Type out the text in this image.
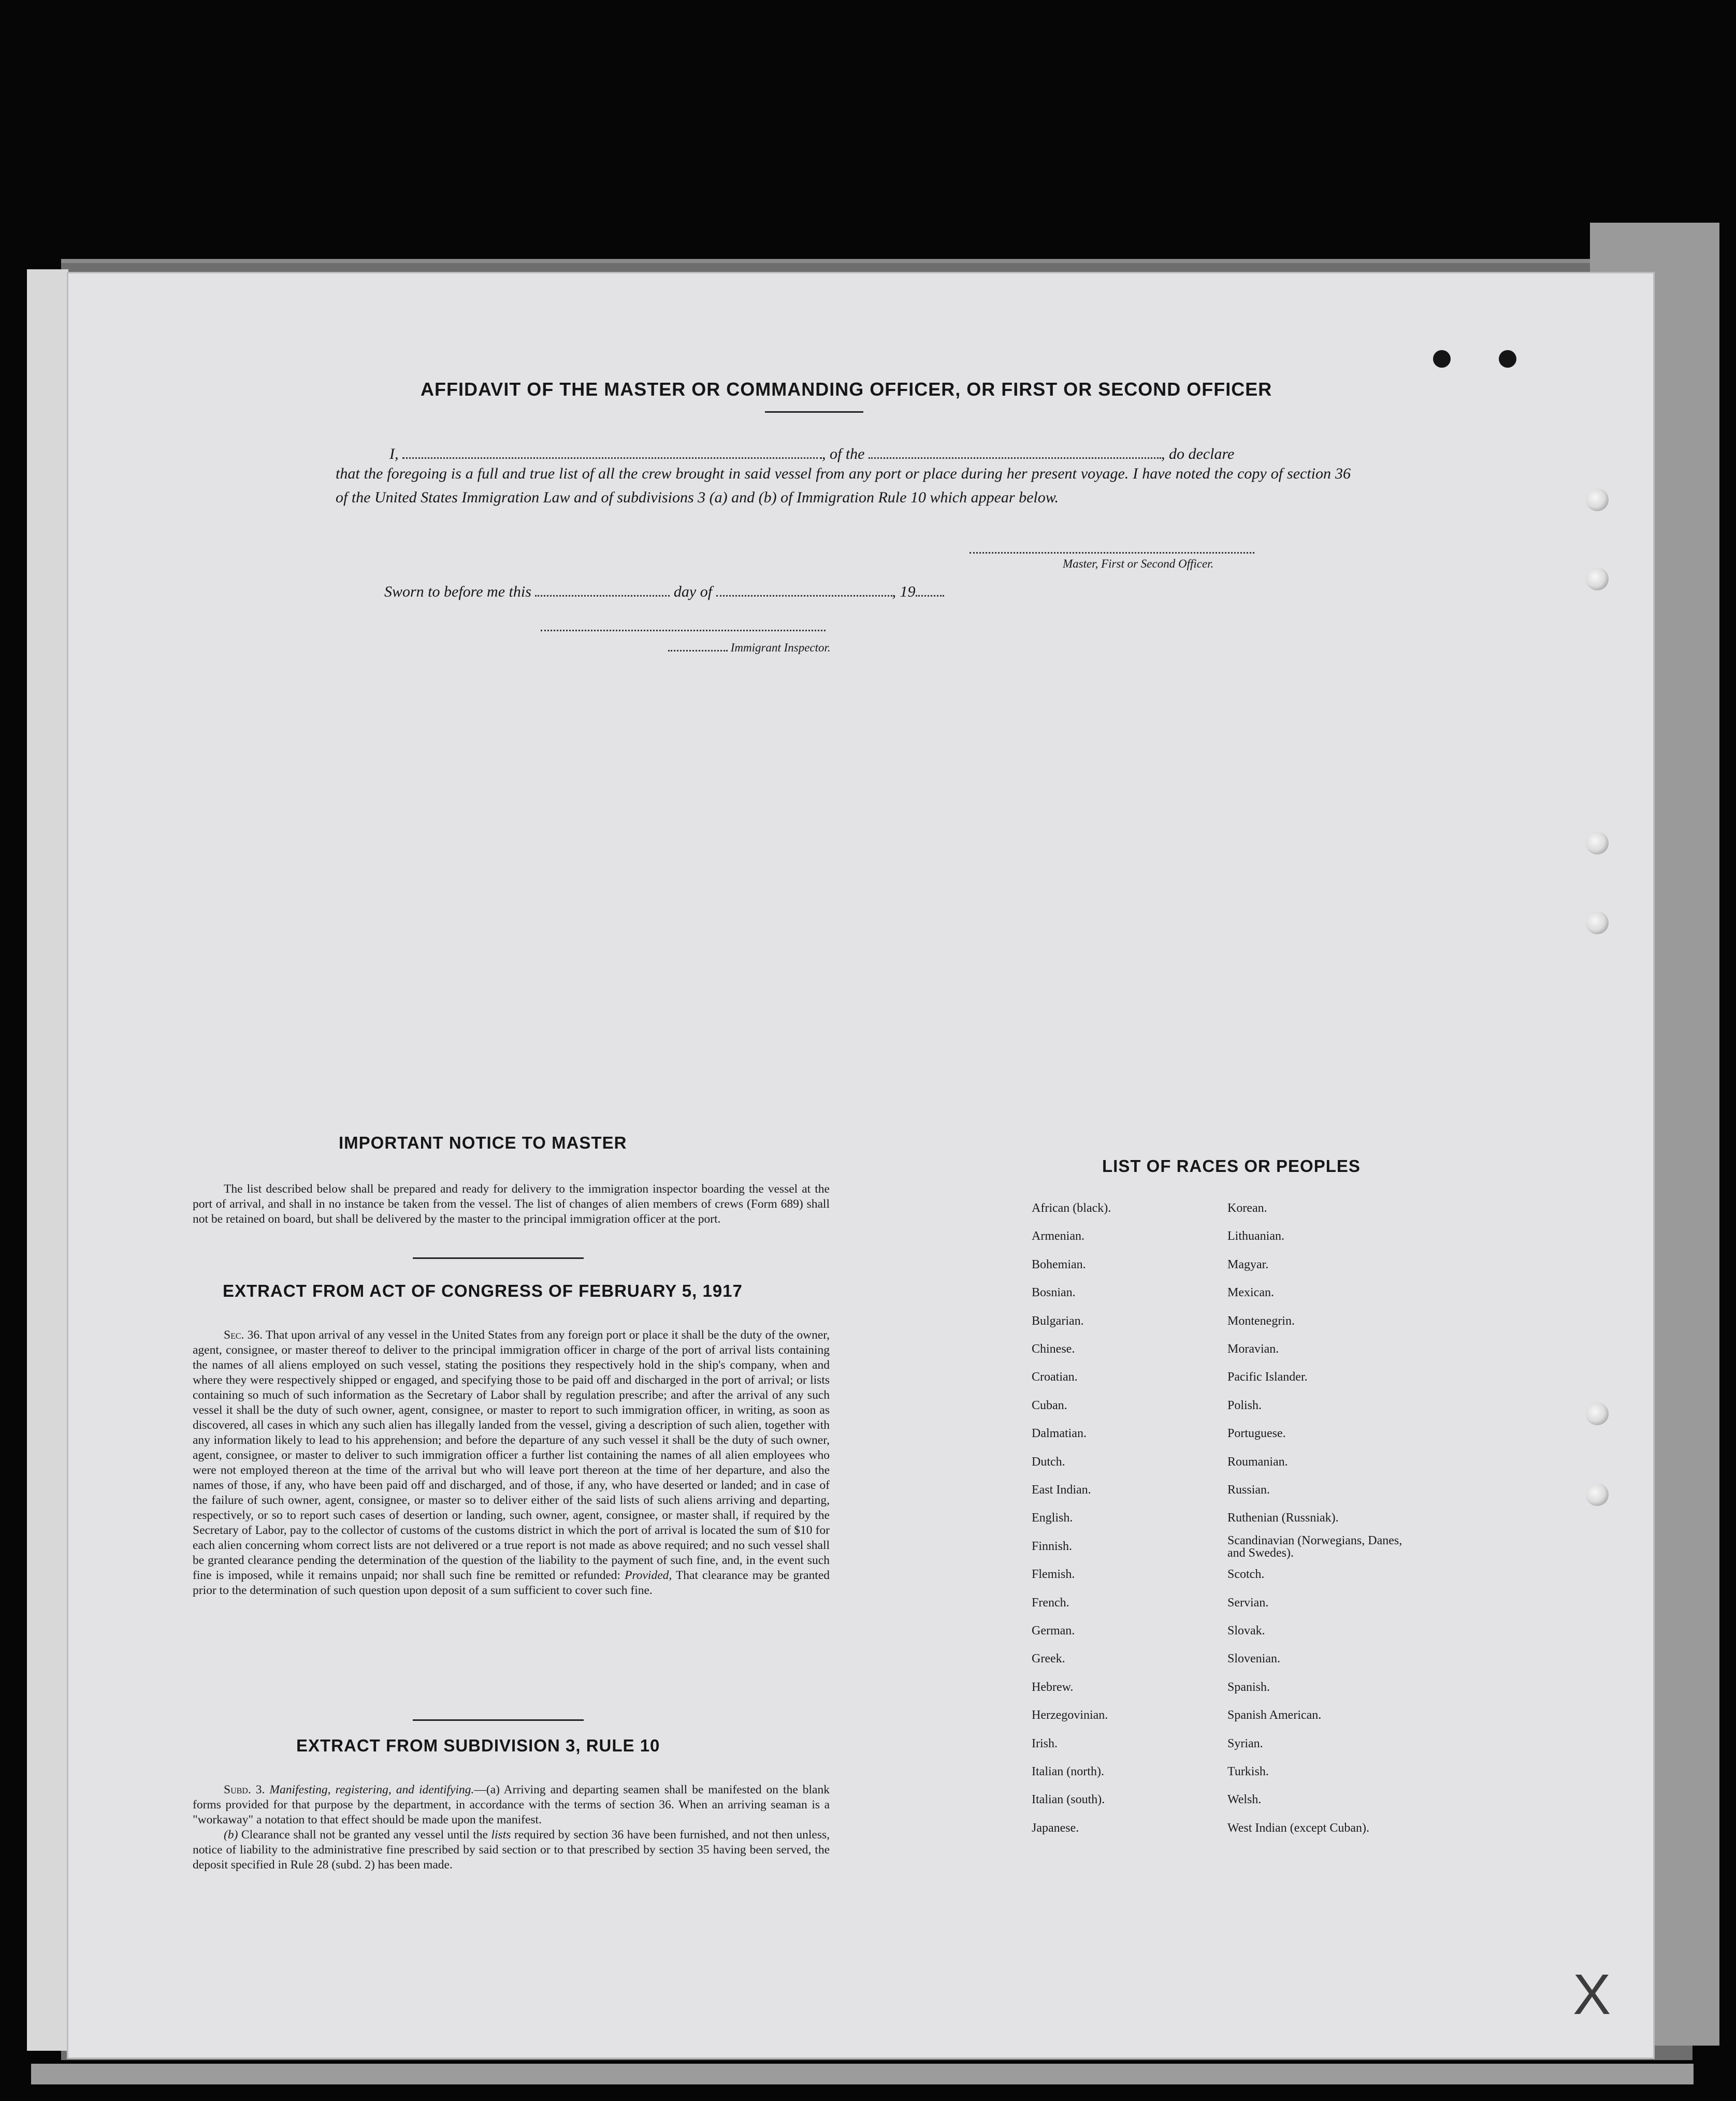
AFFIDAVIT OF THE MASTER OR COMMANDING OFFICER, OR FIRST OR SECOND OFFICER
I,	, of the	, do declare
that the foregoing is a full and true list of all the crew brought in said vessel from any port or place during her present voyage. I have noted the copy of section 36 of the United States Immigration Law and of subdivisions 3 (a) and (b) of Immigration Rule 10 which appear below.
Master, First or Second Officer.
Sworn to before me this	day of	, 19
Immigrant Inspector.
IMPORTANT NOTICE TO MASTER

The list described below shall be prepared and ready for delivery to the immigration inspector boarding the vessel at the port of arrival, and shall in no instance be taken from the vessel. The list of changes of alien members of crews (Form 689) shall not be retained on board, but shall be delivered by the master to the principal immigration officer at the port.

EXTRACT FROM ACT OF CONGRESS OF FEBRUARY 5, 1917

Sec. 36. That upon arrival of any vessel in the United States from any foreign port or place it shall be the duty of the owner, agent, consignee, or master thereof to deliver to the principal immigration officer in charge of the port of arrival lists containing the names of all aliens employed on such vessel, stating the positions they respectively hold in the ship's company, when and where they were respectively shipped or engaged, and specifying those to be paid off and discharged in the port of arrival; or lists containing so much of such information as the Secretary of Labor shall by regulation prescribe; and after the arrival of any such vessel it shall be the duty of such owner, agent, consignee, or master to report to such immigration officer, in writing, as soon as discovered, all cases in which any such alien has illegally landed from the vessel, giving a description of such alien, together with any information likely to lead to his apprehension; and before the departure of any such vessel it shall be the duty of such owner, agent, consignee, or master to deliver to such immigration officer a further list containing the names of all alien employees who were not employed thereon at the time of the arrival but who will leave port thereon at the time of her departure, and also the names of those, if any, who have been paid off and discharged, and of those, if any, who have deserted or landed; and in case of the failure of such owner, agent, consignee, or master so to deliver either of the said lists of such aliens arriving and departing, respectively, or so to report such cases of desertion or landing, such owner, agent, consignee, or master shall, if required by the Secretary of Labor, pay to the collector of customs of the customs district in which the port of arrival is located the sum of $10 for each alien concerning whom correct lists are not delivered or a true report is not made as above required; and no such vessel shall be granted clearance pending the determination of the question of the liability to the payment of such fine, and, in the event such fine is imposed, while it remains unpaid; nor shall such fine be remitted or refunded: Provided, That clearance may be granted prior to the determination of such question upon deposit of a sum sufficient to cover such fine.

EXTRACT FROM SUBDIVISION 3, RULE 10

Subd. 3. Manifesting, registering, and identifying.—(a) Arriving and departing seamen shall be manifested on the blank forms provided for that purpose by the department, in accordance with the terms of section 36. When an arriving seaman is a "workaway" a notation to that effect should be made upon the manifest.

(b) Clearance shall not be granted any vessel until the lists required by section 36 have been furnished, and not then unless, notice of liability to the administrative fine prescribed by said section or to that prescribed by section 35 having been served, the deposit specified in Rule 28 (subd. 2) has been made.

LIST OF RACES OR PEOPLES
African (black).
Armenian.
Bohemian.
Bosnian.
Bulgarian.
Chinese.
Croatian.
Cuban.
Dalmatian.
Dutch.
East Indian.
English.
Finnish.
Flemish.
French.
German.
Greek.
Hebrew.
Herzegovinian.
Irish.
Italian (north).
Italian (south).
Japanese.
Korean.
Lithuanian.
Magyar.
Mexican.
Montenegrin.
Moravian.
Pacific Islander.
Polish.
Portuguese.
Roumanian.
Russian.
Ruthenian (Russniak).
Scandinavian (Norwegians, Danes, and Swedes).
Scotch.
Servian.
Slovak.
Slovenian.
Spanish.
Spanish American.
Syrian.
Turkish.
Welsh.
West Indian (except Cuban).
X
